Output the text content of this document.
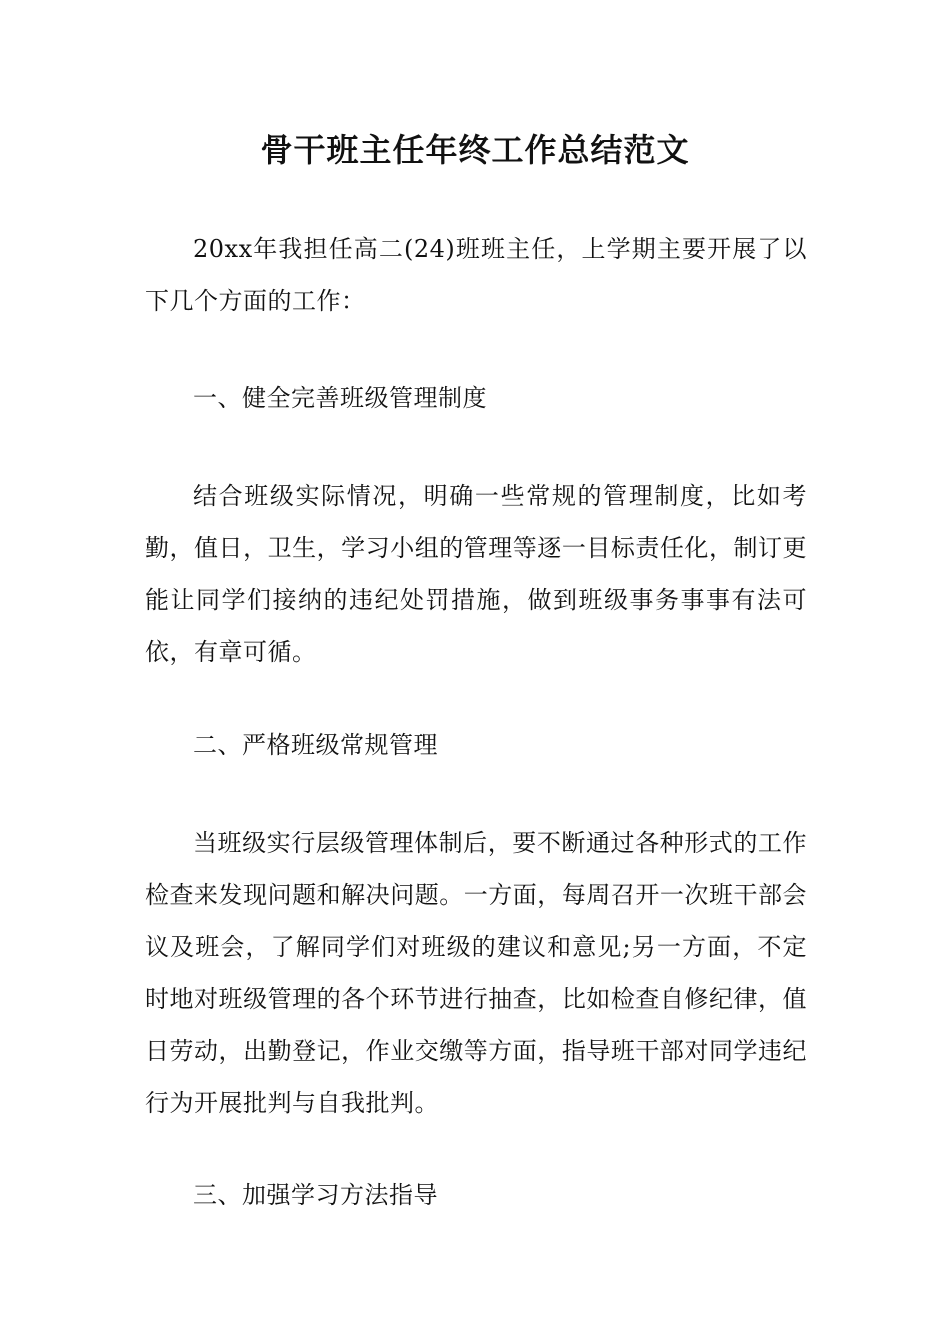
骨干班主任年终工作总结范文

20xx年我担任高二(24)班班主任，上学期主要开展了以下几个方面的工作：

一、健全完善班级管理制度

结合班级实际情况，明确一些常规的管理制度，比如考勤，值日，卫生，学习小组的管理等逐一目标责任化，制订更能让同学们接纳的违纪处罚措施，做到班级事务事事有法可依，有章可循。

二、严格班级常规管理

当班级实行层级管理体制后，要不断通过各种形式的工作检查来发现问题和解决问题。一方面，每周召开一次班干部会议及班会，了解同学们对班级的建议和意见;另一方面，不定时地对班级管理的各个环节进行抽查，比如检查自修纪律，值日劳动，出勤登记，作业交缴等方面，指导班干部对同学违纪行为开展批判与自我批判。

三、加强学习方法指导
